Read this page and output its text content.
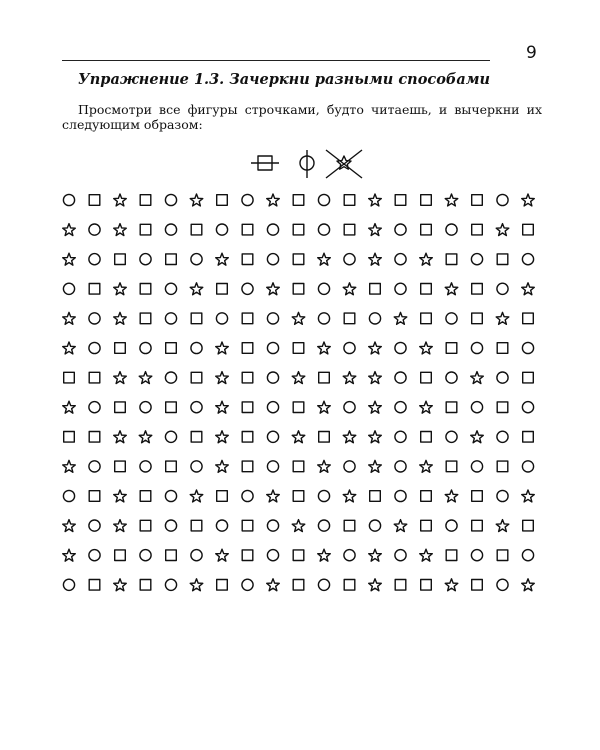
9
Упражнение 1.3. Зачеркни разными способами
Просмотри все фигуры строчками, будто читаешь, и вычеркни их следующим образом:
